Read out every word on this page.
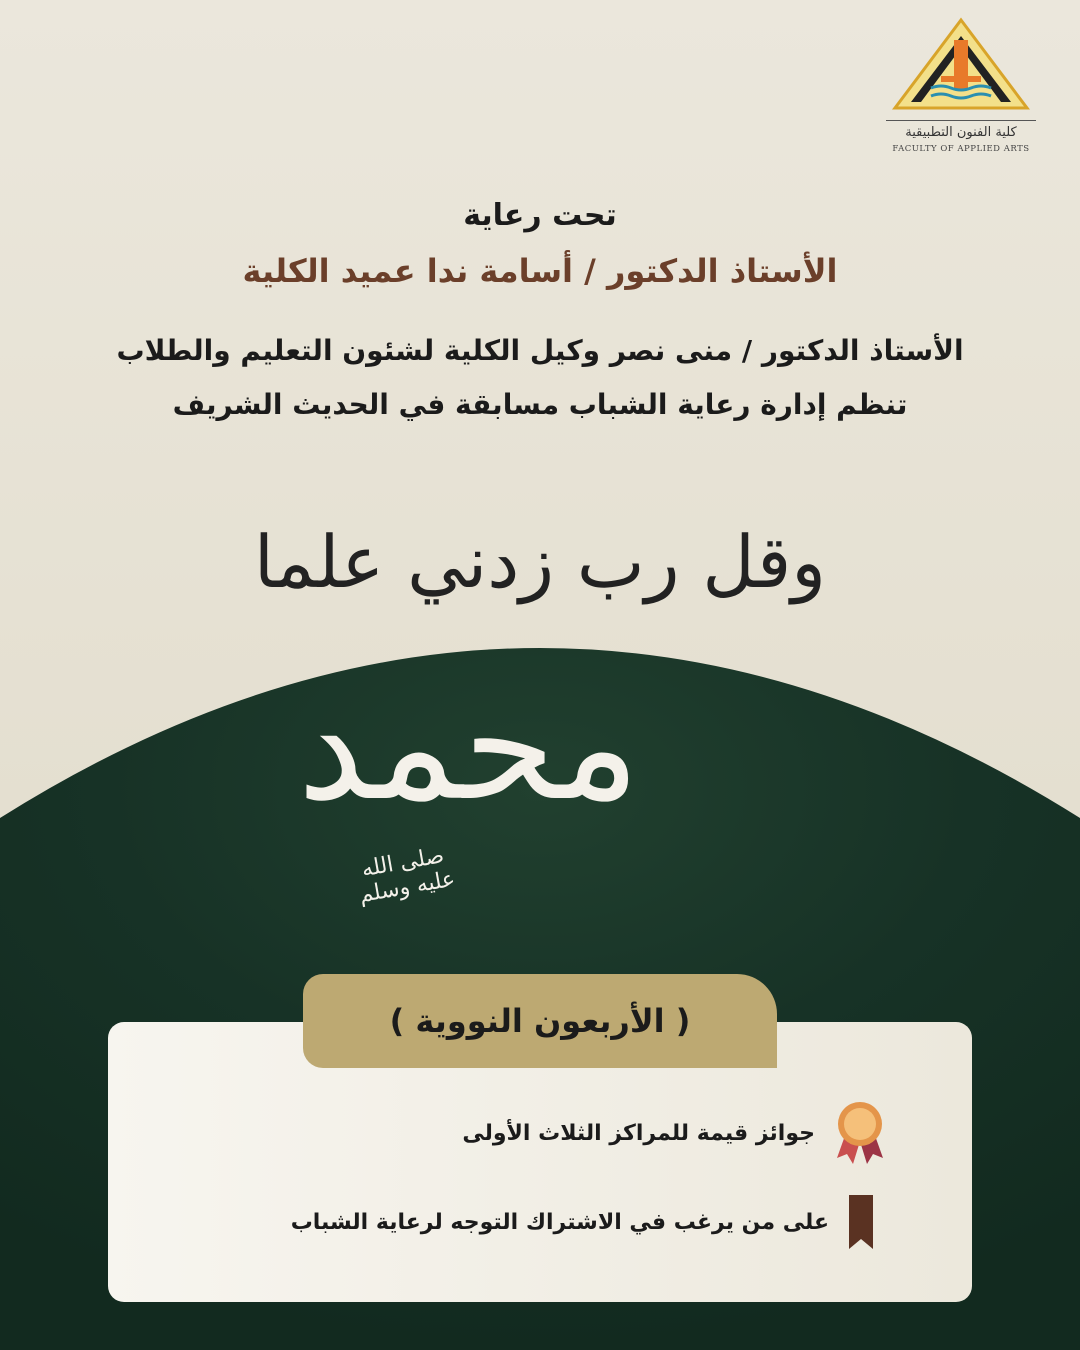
كلية الفنون التطبيقية
FACULTY OF APPLIED ARTS
تحت رعاية
الأستاذ الدكتور / أسامة ندا عميد الكلية
الأستاذ الدكتور / منى نصر وكيل الكلية لشئون التعليم والطلاب
تنظم إدارة رعاية الشباب مسابقة في الحديث الشريف
وقل رب زدني علما
محمد
صلى الله عليه وسلم
( الأربعون النووية )
جوائز قيمة للمراكز الثلاث الأولى
على من يرغب في الاشتراك التوجه لرعاية الشباب
